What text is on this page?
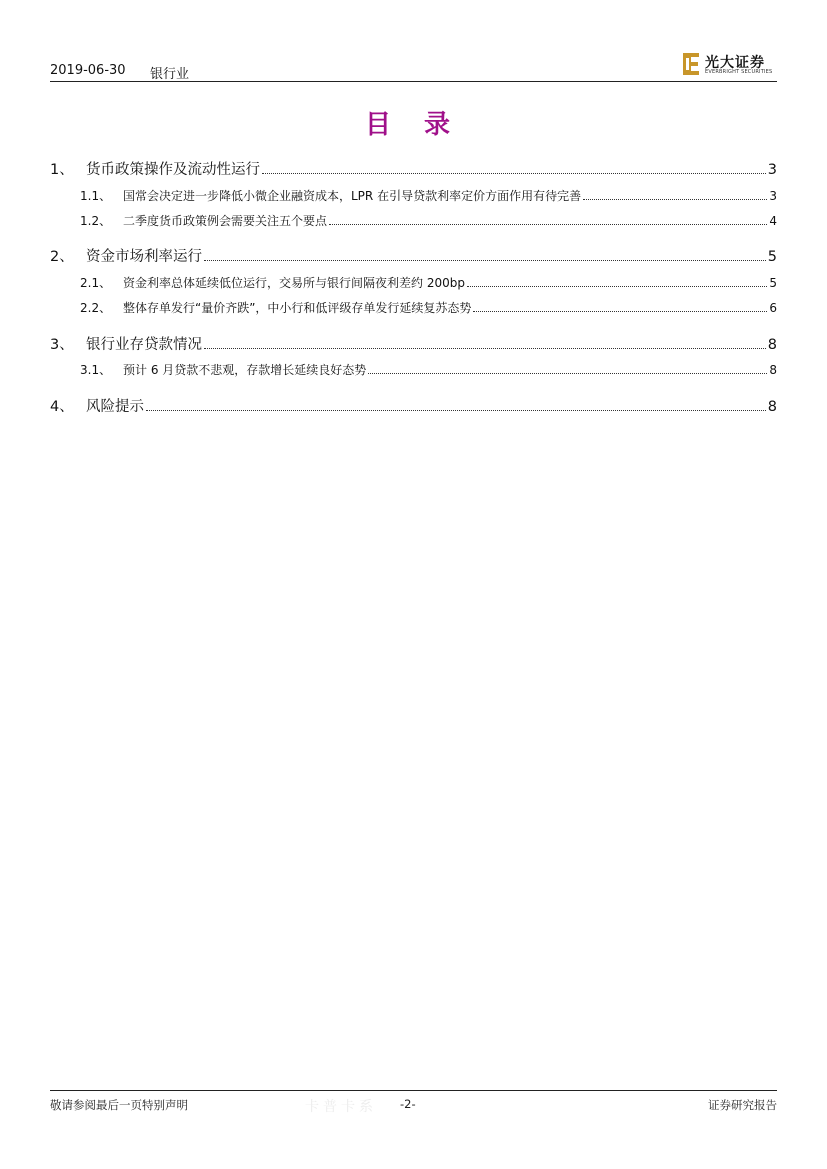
2019-06-30 银行业
光大证券
EVERBRIGHT SECURITIES
目 录
1、 货币政策操作及流动性运行	3
1.1、 国常会决定进一步降低小微企业融资成本，LPR 在引导贷款利率定价方面作用有待完善	3
1.2、 二季度货币政策例会需要关注五个要点	4
2、 资金市场利率运行	5
2.1、 资金利率总体延续低位运行，交易所与银行间隔夜利差约 200bp	5
2.2、 整体存单发行“量价齐跌”，中小行和低评级存单发行延续复苏态势	6
3、 银行业存贷款情况	8
3.1、 预计 6 月贷款不悲观，存款增长延续良好态势	8
4、 风险提示	8
敬请参阅最后一页特别声明	卡普卡系 -2-	证券研究报告
